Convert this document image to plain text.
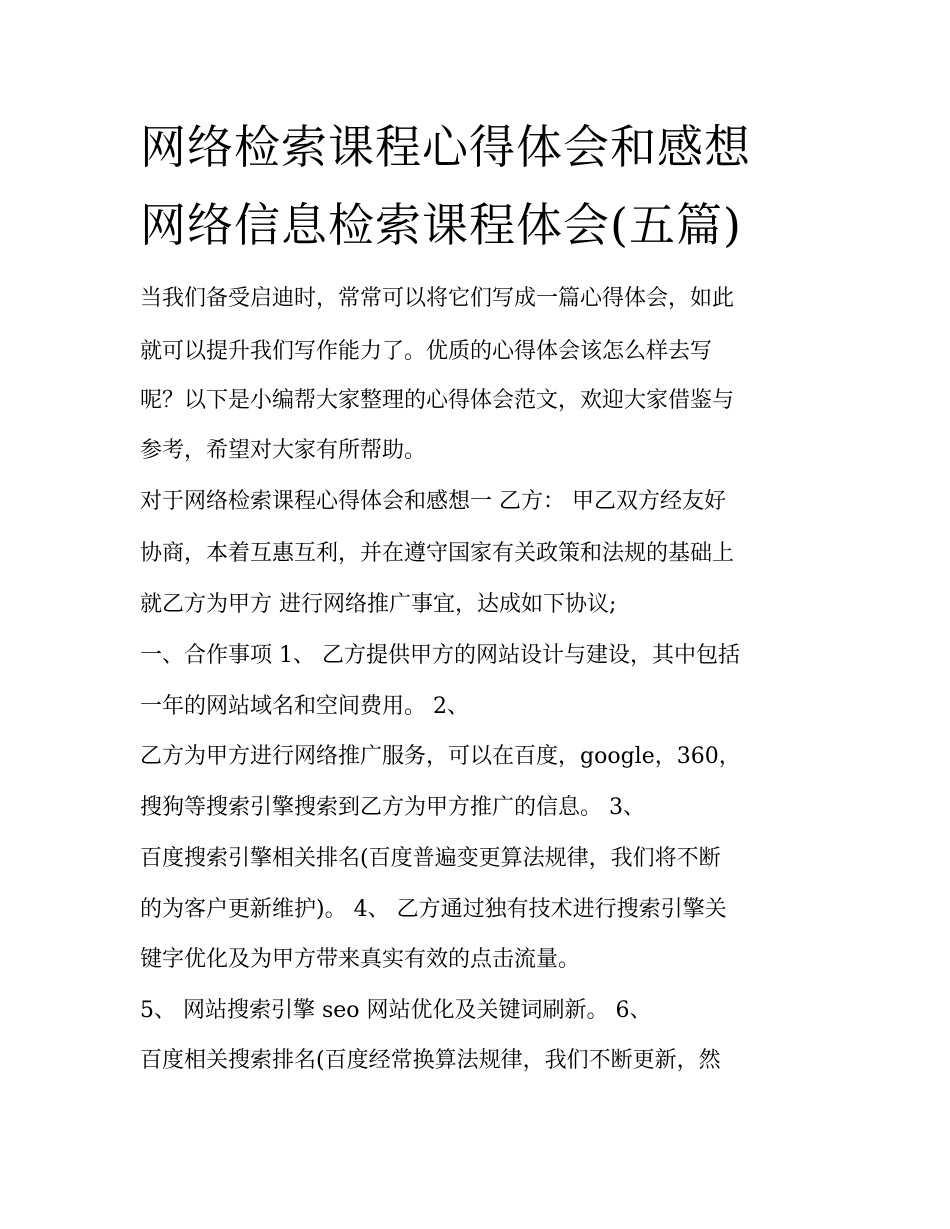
网络检索课程心得体会和感想
网络信息检索课程体会(五篇)
当我们备受启迪时，常常可以将它们写成一篇心得体会，如此
就可以提升我们写作能力了。优质的心得体会该怎么样去写
呢？以下是小编帮大家整理的心得体会范文，欢迎大家借鉴与
参考，希望对大家有所帮助。
对于网络检索课程心得体会和感想一 乙方： 甲乙双方经友好
协商，本着互惠互利，并在遵守国家有关政策和法规的基础上
就乙方为甲方 进行网络推广事宜，达成如下协议;
一、合作事项 1、 乙方提供甲方的网站设计与建设，其中包括
一年的网站域名和空间费用。 2、
乙方为甲方进行网络推广服务，可以在百度，google，360，
搜狗等搜索引擎搜索到乙方为甲方推广的信息。 3、
百度搜索引擎相关排名(百度普遍变更算法规律，我们将不断
的为客户更新维护)。 4、 乙方通过独有技术进行搜索引擎关
键字优化及为甲方带来真实有效的点击流量。
5、 网站搜索引擎 seo 网站优化及关键词刷新。 6、
百度相关搜索排名(百度经常换算法规律，我们不断更新，然
